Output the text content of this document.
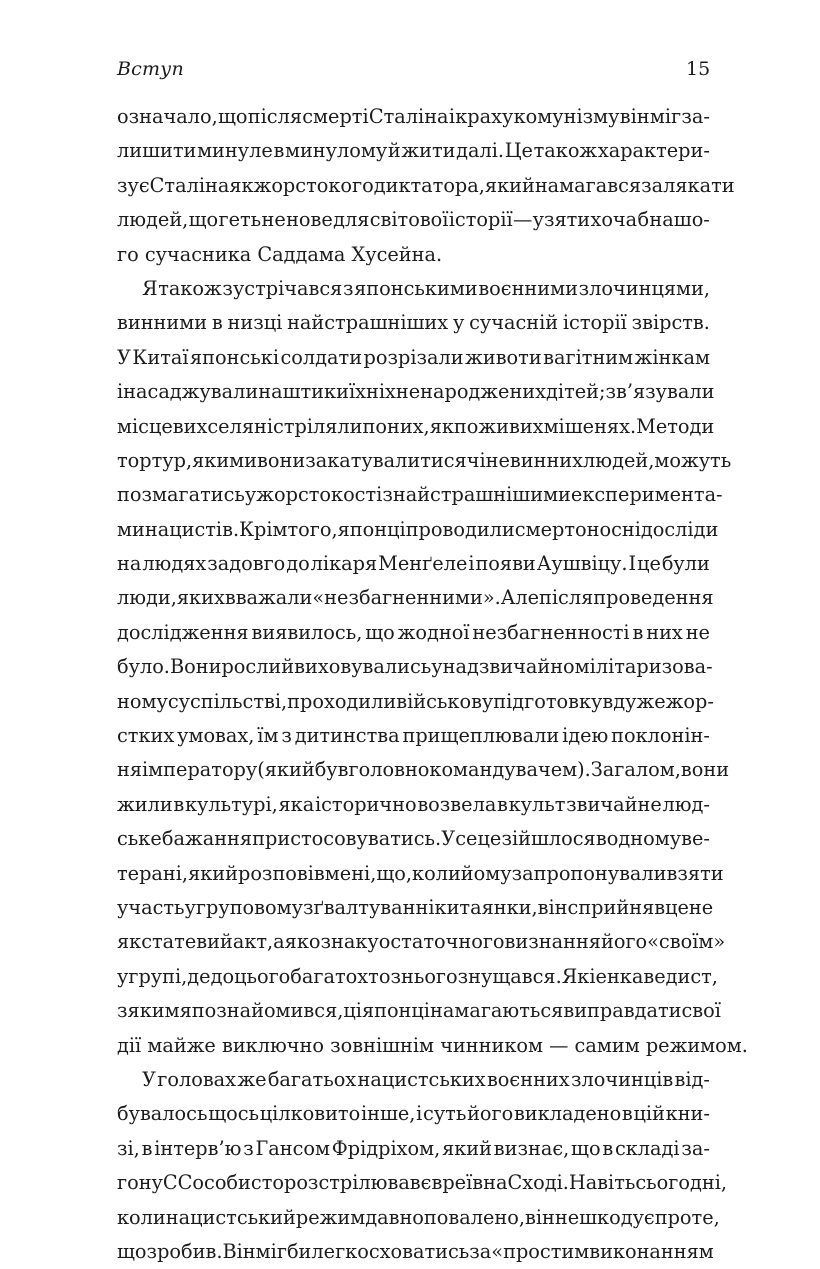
Вступ	15
означало, що після смерті Сталіна і краху комунізму він міг за-
лишити минуле в минулому й жити далі. Це також характери-
зує Сталіна як жорстокого диктатора, який намагався залякати
людей, що геть не нове для світової історії — узяти хоча б нашо-
го сучасника Саддама Хусейна.
Я також зустрічався з японськими воєнними злочинцями,
винними в низці найстрашніших у сучасній історії звірств.
У Китаї японські солдати розрізали животи вагітним жінкам
і насаджували на штики їхніх ненароджених дітей; зв’язували
місцевих селян і стріляли по них, як по живих мішенях. Методи
тортур, якими вони закатували тисячі невинних людей, можуть
позмагатись у жорстокості з найстрашнішими експеримента-
ми нацистів. Крім того, японці проводили смертоносні досліди
на людях задовго до лікаря Менґеле і появи Аушвіцу. І це були
люди, яких вважали «незбагненними». Але після проведення
дослідження виявилось, що жодної незбагненності в них не
було. Вони росли й виховувались у надзвичайно мілітаризова-
ному суспільстві, проходили військову підготовку в дуже жор-
стких умовах, їм з дитинства прищеплювали ідею поклонін-
ня імператору (який був головнокомандувачем). Загалом, вони
жили в культурі, яка історично возвела в культ звичайне люд-
ське бажання пристосовуватись. Усе це зійшлося в одному ве-
терані, який розповів мені, що, коли йому запропонували взяти
участь у груповому зґвалтуванні китаянки, він сприйняв це не
як статевий акт, а як ознаку остаточного визнання його «своїм»
у групі, де до цього багато хто з нього знущався. Як і енкаведист,
з яким я познайомився, ці японці намагаються виправдати свої
дії майже виключно зовнішнім чинником — самим режимом.
У головах же багатьох нацистських воєнних злочинців від-
бувалось щось цілковито інше, і суть його викладено в цій кни-
зі, в інтерв’ю з Гансом Фрідріхом, який визнає, що в складі за-
гону СС особисто розстрілював євреїв на Сході. Навіть сьогодні,
коли нацистський режим давно повалено, він не шкодує про те,
що зробив. Він міг би легко сховатись за «простим виконанням
